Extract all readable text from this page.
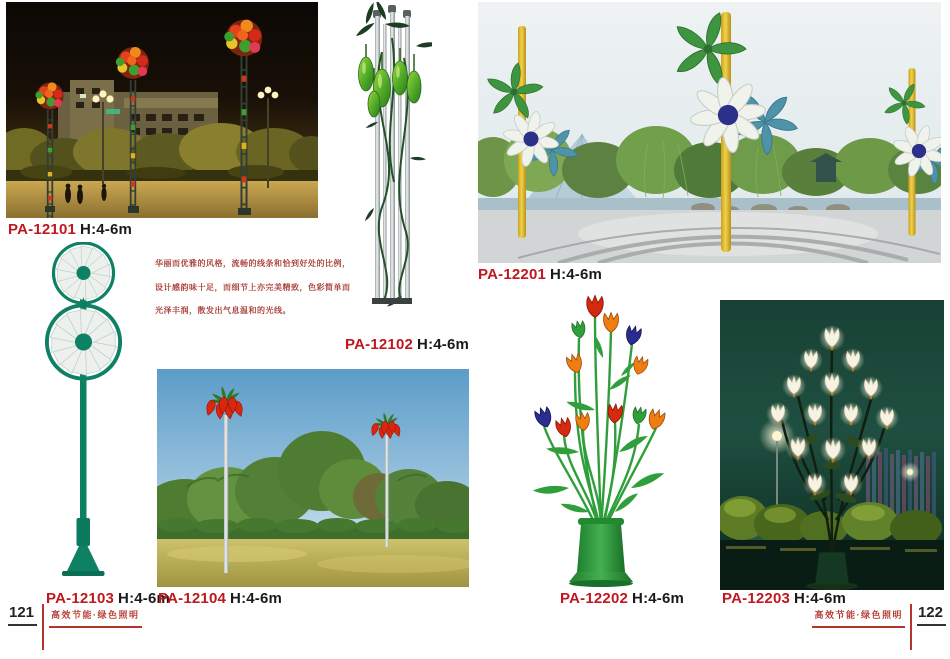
PA-12101 H:4-6m
PA-12102 H:4-6m
华丽而优雅的风格，流畅的线条和恰到好处的比例，
设计感韵味十足，而细节上亦完美精致，色彩简单而
光泽丰润，散发出气息温和的光线。
PA-12103 H:4-6m
PA-12104 H:4-6m
PA-12201 H:4-6m
PA-12202 H:4-6m	PA-12203 H:4-6m
121	高效节能·绿色照明	高效节能·绿色照明 122
